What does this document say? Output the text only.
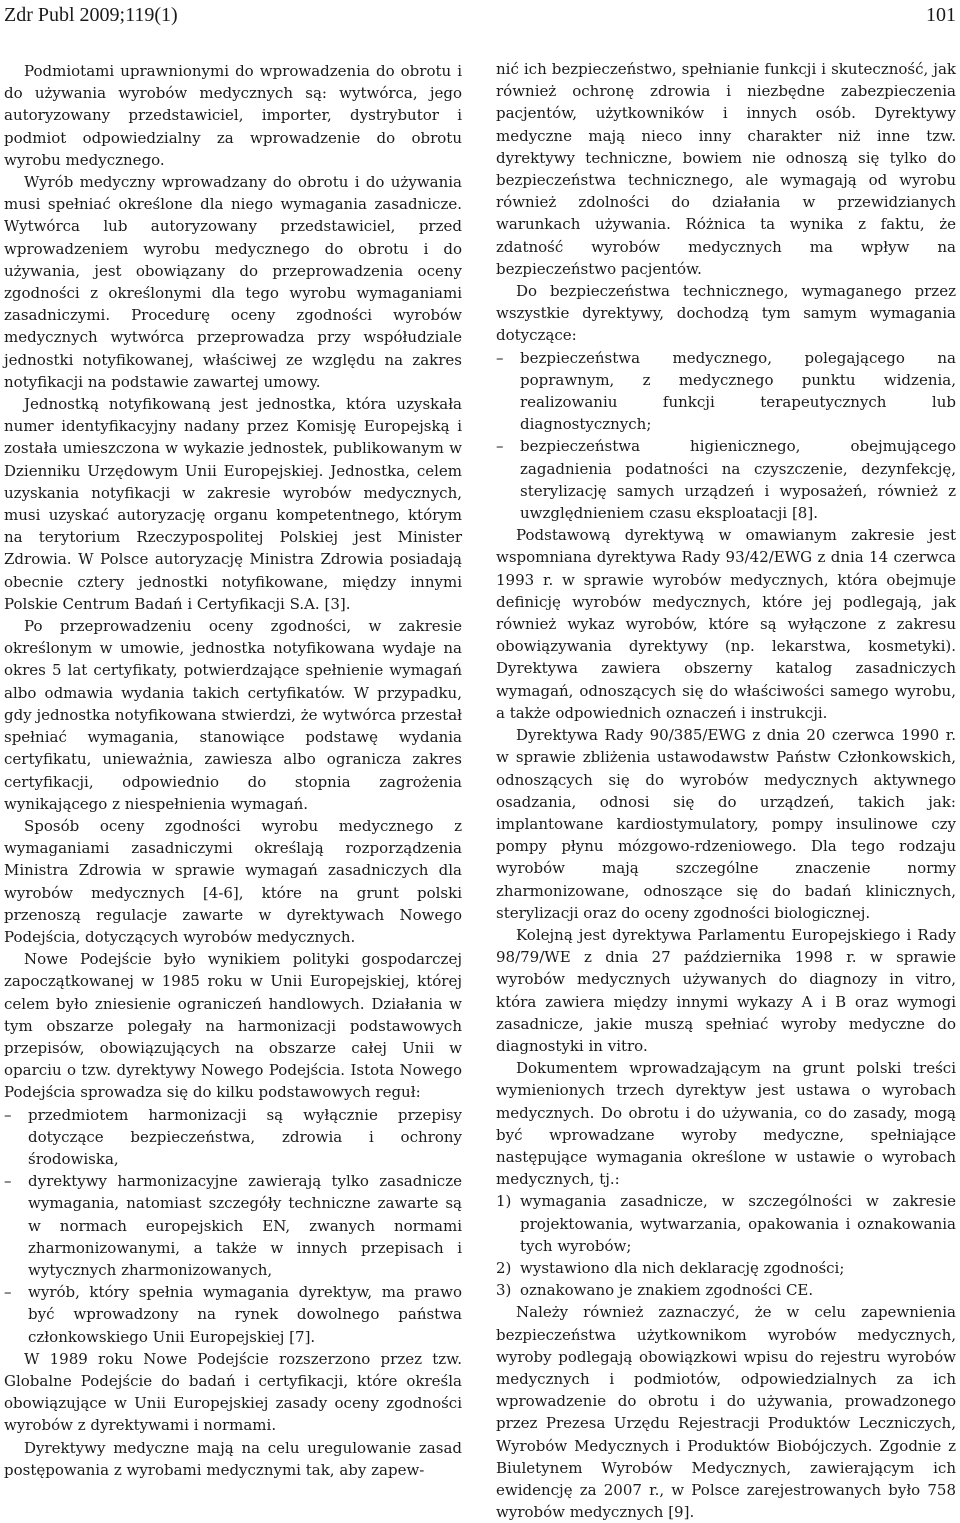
Zdr Publ 2009;119(1)	101

Podmiotami uprawnionymi do wprowadzenia do obrotu i do używania wyrobów medycznych są: wytwórca, jego autoryzowany przedstawiciel, importer, dystrybutor i podmiot odpowiedzialny za wprowadzenie do obrotu wyrobu medycznego.

Wyrób medyczny wprowadzany do obrotu i do używania musi spełniać określone dla niego wymagania zasadnicze. Wytwórca lub autoryzowany przedstawiciel, przed wprowadzeniem wyrobu medycznego do obrotu i do używania, jest obowiązany do przeprowadzenia oceny zgodności z określonymi dla tego wyrobu wymaganiami zasadniczymi. Procedurę oceny zgodności wyrobów medycznych wytwórca przeprowadza przy współudziale jednostki notyfikowanej, właściwej ze względu na zakres notyfikacji na podstawie zawartej umowy.

Jednostką notyfikowaną jest jednostka, która uzyskała numer identyfikacyjny nadany przez Komisję Europejską i została umieszczona w wykazie jednostek, publikowanym w Dzienniku Urzędowym Unii Europejskiej. Jednostka, celem uzyskania notyfikacji w zakresie wyrobów medycznych, musi uzyskać autoryzację organu kompetentnego, którym na terytorium Rzeczypospolitej Polskiej jest Minister Zdrowia. W Polsce autoryzację Ministra Zdrowia posiadają obecnie cztery jednostki notyfikowane, między innymi Polskie Centrum Badań i Certyfikacji S.A. [3].

Po przeprowadzeniu oceny zgodności, w zakresie określonym w umowie, jednostka notyfikowana wydaje na okres 5 lat certyfikaty, potwierdzające spełnienie wymagań albo odmawia wydania takich certyfikatów. W przypadku, gdy jednostka notyfikowana stwierdzi, że wytwórca przestał spełniać wymagania, stanowiące podstawę wydania certyfikatu, unieważnia, zawiesza albo ogranicza zakres certyfikacji, odpowiednio do stopnia zagrożenia wynikającego z niespełnienia wymagań.

Sposób oceny zgodności wyrobu medycznego z wymaganiami zasadniczymi określają rozporządzenia Ministra Zdrowia w sprawie wymagań zasadniczych dla wyrobów medycznych [4-6], które na grunt polski przenoszą regulacje zawarte w dyrektywach Nowego Podejścia, dotyczących wyrobów medycznych.

Nowe Podejście było wynikiem polityki gospodarczej zapoczątkowanej w 1985 roku w Unii Europejskiej, której celem było zniesienie ograniczeń handlowych. Działania w tym obszarze polegały na harmonizacji podstawowych przepisów, obowiązujących na obszarze całej Unii w oparciu o tzw. dyrektywy Nowego Podejścia. Istota Nowego Podejścia sprowadza się do kilku podstawowych reguł:

– przedmiotem harmonizacji są wyłącznie przepisy dotyczące bezpieczeństwa, zdrowia i ochrony środowiska,
– dyrektywy harmonizacyjne zawierają tylko zasadnicze wymagania, natomiast szczegóły techniczne zawarte są w normach europejskich EN, zwanych normami zharmonizowanymi, a także w innych przepisach i wytycznych zharmonizowanych,
– wyrób, który spełnia wymagania dyrektyw, ma prawo być wprowadzony na rynek dowolnego państwa członkowskiego Unii Europejskiej [7].

W 1989 roku Nowe Podejście rozszerzono przez tzw. Globalne Podejście do badań i certyfikacji, które określa obowiązujące w Unii Europejskiej zasady oceny zgodności wyrobów z dyrektywami i normami.

Dyrektywy medyczne mają na celu uregulowanie zasad postępowania z wyrobami medycznymi tak, aby zapew-

nić ich bezpieczeństwo, spełnianie funkcji i skuteczność, jak również ochronę zdrowia i niezbędne zabezpieczenia pacjentów, użytkowników i innych osób. Dyrektywy medyczne mają nieco inny charakter niż inne tzw. dyrektywy techniczne, bowiem nie odnoszą się tylko do bezpieczeństwa technicznego, ale wymagają od wyrobu również zdolności do działania w przewidzianych warunkach używania. Różnica ta wynika z faktu, że zdatność wyrobów medycznych ma wpływ na bezpieczeństwo pacjentów.

Do bezpieczeństwa technicznego, wymaganego przez wszystkie dyrektywy, dochodzą tym samym wymagania dotyczące:

– bezpieczeństwa medycznego, polegającego na poprawnym, z medycznego punktu widzenia, realizowaniu funkcji terapeutycznych lub diagnostycznych;
– bezpieczeństwa higienicznego, obejmującego zagadnienia podatności na czyszczenie, dezynfekcję, sterylizację samych urządzeń i wyposażeń, również z uwzględnieniem czasu eksploatacji [8].

Podstawową dyrektywą w omawianym zakresie jest wspomniana dyrektywa Rady 93/42/EWG z dnia 14 czerwca 1993 r. w sprawie wyrobów medycznych, która obejmuje definicję wyrobów medycznych, które jej podlegają, jak również wykaz wyrobów, które są wyłączone z zakresu obowiązywania dyrektywy (np. lekarstwa, kosmetyki). Dyrektywa zawiera obszerny katalog zasadniczych wymagań, odnoszących się do właściwości samego wyrobu, a także odpowiednich oznaczeń i instrukcji.

Dyrektywa Rady 90/385/EWG z dnia 20 czerwca 1990 r. w sprawie zbliżenia ustawodawstw Państw Członkowskich, odnoszących się do wyrobów medycznych aktywnego osadzania, odnosi się do urządzeń, takich jak: implantowane kardiostymulatory, pompy insulinowe czy pompy płynu mózgowo-rdzeniowego. Dla tego rodzaju wyrobów mają szczególne znaczenie normy zharmonizowane, odnoszące się do badań klinicznych, sterylizacji oraz do oceny zgodności biologicznej.

Kolejną jest dyrektywa Parlamentu Europejskiego i Rady 98/79/WE z dnia 27 października 1998 r. w sprawie wyrobów medycznych używanych do diagnozy in vitro, która zawiera między innymi wykazy A i B oraz wymogi zasadnicze, jakie muszą spełniać wyroby medyczne do diagnostyki in vitro.

Dokumentem wprowadzającym na grunt polski treści wymienionych trzech dyrektyw jest ustawa o wyrobach medycznych. Do obrotu i do używania, co do zasady, mogą być wprowadzane wyroby medyczne, spełniające następujące wymagania określone w ustawie o wyrobach medycznych, tj.:

1) wymagania zasadnicze, w szczególności w zakresie projektowania, wytwarzania, opakowania i oznakowania tych wyrobów;
2) wystawiono dla nich deklarację zgodności;
3) oznakowano je znakiem zgodności CE.

Należy również zaznaczyć, że w celu zapewnienia bezpieczeństwa użytkownikom wyrobów medycznych, wyroby podlegają obowiązkowi wpisu do rejestru wyrobów medycznych i podmiotów, odpowiedzialnych za ich wprowadzenie do obrotu i do używania, prowadzonego przez Prezesa Urzędu Rejestracji Produktów Leczniczych, Wyrobów Medycznych i Produktów Biobójczych. Zgodnie z Biuletynem Wyrobów Medycznych, zawierającym ich ewidencję za 2007 r., w Polsce zarejestrowanych było 758 wyrobów medycznych [9].
